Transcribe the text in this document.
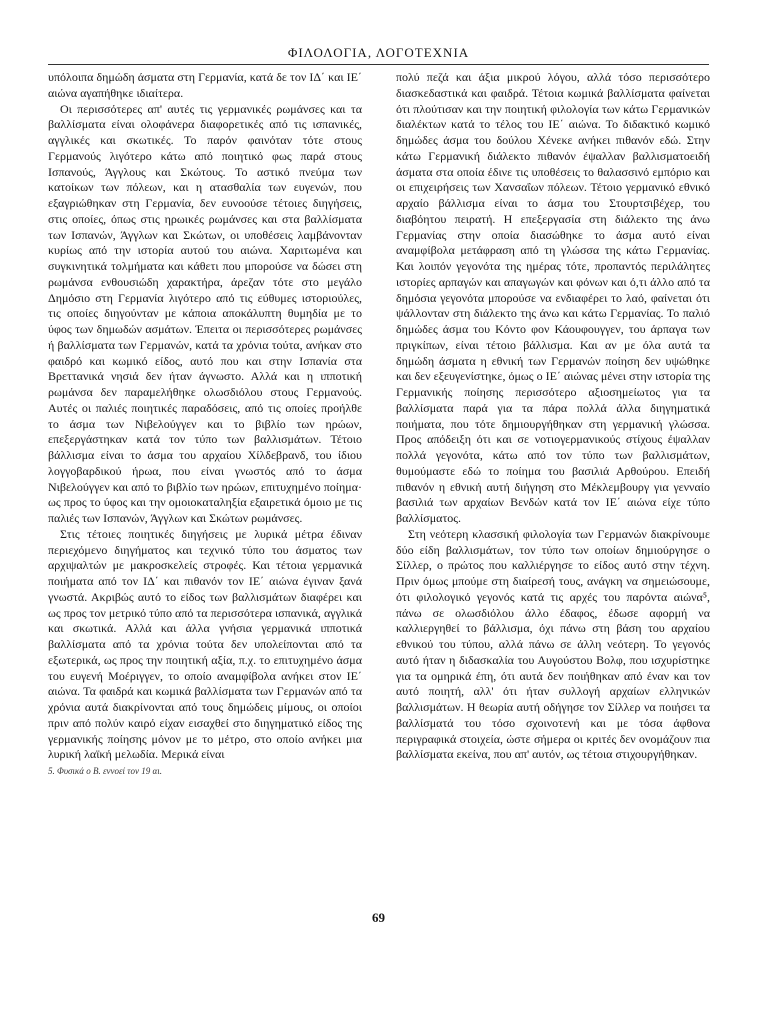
ΦΙΛΟΛΟΓΙΑ, ΛΟΓΟΤΕΧΝΙΑ

υπόλοιπα δημώδη άσματα στη Γερμανία, κατά δε τον ΙΔ΄ και ΙΕ΄ αιώνα αγαπήθηκε ιδιαίτερα.

Οι περισσότερες απ' αυτές τις γερμανικές ρωμάνσες και τα βαλλίσματα είναι ολοφάνερα διαφορετικές από τις ισπανικές, αγγλικές και σκωτικές. Το παρόν φαινόταν τότε στους Γερμανούς λιγότερο κάτω από ποιητικό φως παρά στους Ισπανούς, Άγγλους και Σκώτους. Το αστικό πνεύμα των κατοίκων των πόλεων, και η ατασθαλία των ευγενών, που εξαγριώθηκαν στη Γερμανία, δεν ευνοούσε τέτοιες διηγήσεις, στις οποίες, όπως στις ηρωικές ρωμάνσες και στα βαλλίσματα των Ισπανών, Άγγλων και Σκώτων, οι υποθέσεις λαμβάνονταν κυρίως από την ιστορία αυτού του αιώνα. Χαριτωμένα και συγκινητικά τολμήματα και κάθετι που μπορούσε να δώσει στη ρωμάνσα ενθουσιώδη χαρακτήρα, άρεζαν τότε στο μεγάλο Δημόσιο στη Γερμανία λιγότερο από τις εύθυμες ιστοριούλες, τις οποίες διηγούνταν με κάποια αποκάλυπτη θυμηδία με το ύφος των δημωδών ασμάτων. Έπειτα οι περισσότερες ρωμάνσες ή βαλλίσματα των Γερμανών, κατά τα χρόνια τούτα, ανήκαν στο φαιδρό και κωμικό είδος, αυτό που και στην Ισπανία στα Βρεττανικά νησιά δεν ήταν άγνωστο. Αλλά και η ιπποτική ρωμάνσα δεν παραμελήθηκε ολωσδιόλου στους Γερμανούς. Αυτές οι παλιές ποιητικές παραδόσεις, από τις οποίες προήλθε το άσμα των Νιβελούγγεν και το βιβλίο των ηρώων, επεξεργάστηκαν κατά τον τύπο των βαλλισμάτων. Τέτοιο βάλλισμα είναι το άσμα του αρχαίου Χίλδεβρανδ, του ίδιου λογγοβαρδικού ήρωα, που είναι γνωστός από το άσμα Νιβελούγγεν και από το βιβλίο των ηρώων, επιτυχημένο ποίημα· ως προς το ύφος και την ομοιοκαταληξία εξαιρετικά όμοιο με τις παλιές των Ισπανών, Άγγλων και Σκώτων ρωμάνσες.

Στις τέτοιες ποιητικές διηγήσεις με λυρικά μέτρα έδιναν περιεχόμενο διηγήματος και τεχνικό τύπο του άσματος των αρχιψαλτών με μακροσκελείς στροφές. Και τέτοια γερμανικά ποιήματα από τον ΙΔ΄ και πιθανόν τον ΙΕ΄ αιώνα έγιναν ξανά γνωστά. Ακριβώς αυτό το είδος των βαλλισμάτων διαφέρει και ως προς τον μετρικό τύπο από τα περισσότερα ισπανικά, αγγλικά και σκωτικά. Αλλά και άλλα γνήσια γερμανικά ιπποτικά βαλλίσματα από τα χρόνια τούτα δεν υπολείπονται από τα εξωτερικά, ως προς την ποιητική αξία, π.χ. το επιτυχημένο άσμα του ευγενή Μοέριγγεν, το οποίο αναμφίβολα ανήκει στον ΙΕ΄ αιώνα. Τα φαιδρά και κωμικά βαλλίσματα των Γερμανών από τα χρόνια αυτά διακρίνονται από τους δημώδεις μίμους, οι οποίοι πριν από πολύν καιρό είχαν εισαχθεί στο διηγηματικό είδος της γερμανικής ποίησης μόνον με το μέτρο, στο οποίο ανήκει μια λυρική λαϊκή μελωδία. Μερικά είναι

5. Φυσικά ο Β. εννοεί τον 19 αι.

πολύ πεζά και άξια μικρού λόγου, αλλά τόσο περισσότερο διασκεδαστικά και φαιδρά. Τέτοια κωμικά βαλλίσματα φαίνεται ότι πλούτισαν και την ποιητική φιλολογία των κάτω Γερμανικών διαλέκτων κατά το τέλος του ΙΕ΄ αιώνα. Το διδακτικό κωμικό δημώδες άσμα του δούλου Χένεκε ανήκει πιθανόν εδώ. Στην κάτω Γερμανική διάλεκτο πιθανόν έψαλλαν βαλλισματοειδή άσματα στα οποία έδινε τις υποθέσεις το θαλασσινό εμπόριο και οι επιχειρήσεις των Χανσαΐων πόλεων. Τέτοιο γερμανικό εθνικό αρχαίο βάλλισμα είναι το άσμα του Στουρτσιβέχερ, του διαβόητου πειρατή. Η επεξεργασία στη διάλεκτο της άνω Γερμανίας στην οποία διασώθηκε το άσμα αυτό είναι αναμφίβολα μετάφραση από τη γλώσσα της κάτω Γερμανίας. Και λοιπόν γεγονότα της ημέρας τότε, προπαντός περιλάλητες ιστορίες αρπαγών και απαγωγών και φόνων και ό,τι άλλο από τα δημόσια γεγονότα μπορούσε να ενδιαφέρει το λαό, φαίνεται ότι ψάλλονταν στη διάλεκτο της άνω και κάτω Γερμανίας. Το παλιό δημώδες άσμα του Κόντο φον Κάουφουγγεν, του άρπαγα των πριγκίπων, είναι τέτοιο βάλλισμα. Και αν με όλα αυτά τα δημώδη άσματα η εθνική των Γερμανών ποίηση δεν υψώθηκε και δεν εξευγενίστηκε, όμως ο ΙΕ΄ αιώνας μένει στην ιστορία της Γερμανικής ποίησης περισσότερο αξιοσημείωτος για τα βαλλίσματα παρά για τα πάρα πολλά άλλα διηγηματικά ποιήματα, που τότε δημιουργήθηκαν στη γερμανική γλώσσα. Προς απόδειξη ότι και σε νοτιογερμανικούς στίχους έψαλλαν πολλά γεγονότα, κάτω από τον τύπο των βαλλισμάτων, θυμούμαστε εδώ το ποίημα του βασιλιά Αρθούρου. Επειδή πιθανόν η εθνική αυτή διήγηση στο Μέκλεμβουργ για γενναίο βασιλιά των αρχαίων Βενδών κατά τον ΙΕ΄ αιώνα είχε τύπο βαλλίσματος.

Στη νεότερη κλασσική φιλολογία των Γερμανών διακρίνουμε δύο είδη βαλλισμάτων, τον τύπο των οποίων δημιούργησε ο Σίλλερ, ο πρώτος που καλλιέργησε το είδος αυτό στην τέχνη. Πριν όμως μπούμε στη διαίρεσή τους, ανάγκη να σημειώσουμε, ότι φιλολογικό γεγονός κατά τις αρχές του παρόντα αιώνα⁵, πάνω σε ολωσδιόλου άλλο έδαφος, έδωσε αφορμή να καλλιεργηθεί το βάλλισμα, όχι πάνω στη βάση του αρχαίου εθνικού του τύπου, αλλά πάνω σε άλλη νεότερη. Το γεγονός αυτό ήταν η διδασκαλία του Αυγούστου Βολφ, που ισχυρίστηκε για τα ομηρικά έπη, ότι αυτά δεν ποιήθηκαν από έναν και τον αυτό ποιητή, αλλ' ότι ήταν συλλογή αρχαίων ελληνικών βαλλισμάτων. Η θεωρία αυτή οδήγησε τον Σίλλερ να ποιήσει τα βαλλίσματά του τόσο σχοινοτενή και με τόσα άφθονα περιγραφικά στοιχεία, ώστε σήμερα οι κριτές δεν ονομάζουν πια βαλλίσματα εκείνα, που απ' αυτόν, ως τέτοια στιχουργήθηκαν.

69
